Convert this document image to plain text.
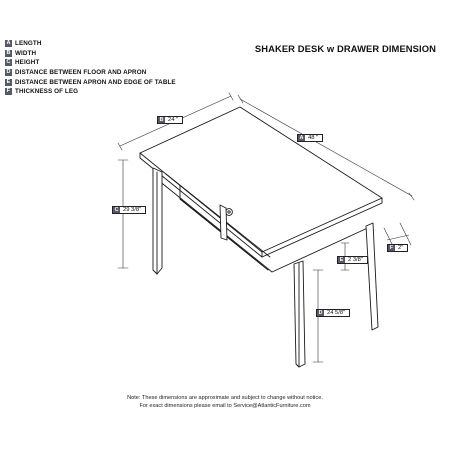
SHAKER DESK w DRAWER DIMENSION
A LENGTH
B WIDTH
C HEIGHT
D DISTANCE BETWEEN FLOOR AND APRON
E DISTANCE BETWEEN APRON AND EDGE OF TABLE
F THICKNESS OF LEG
A 48 "
B 24 "
C 29 3/8"
D 24 5/8"
E 2 3/8"
F 2"
Note: These dimensions are approximate and subject to change without notice.
For exact dimensions please email to Service@AtlanticFurniture.com
